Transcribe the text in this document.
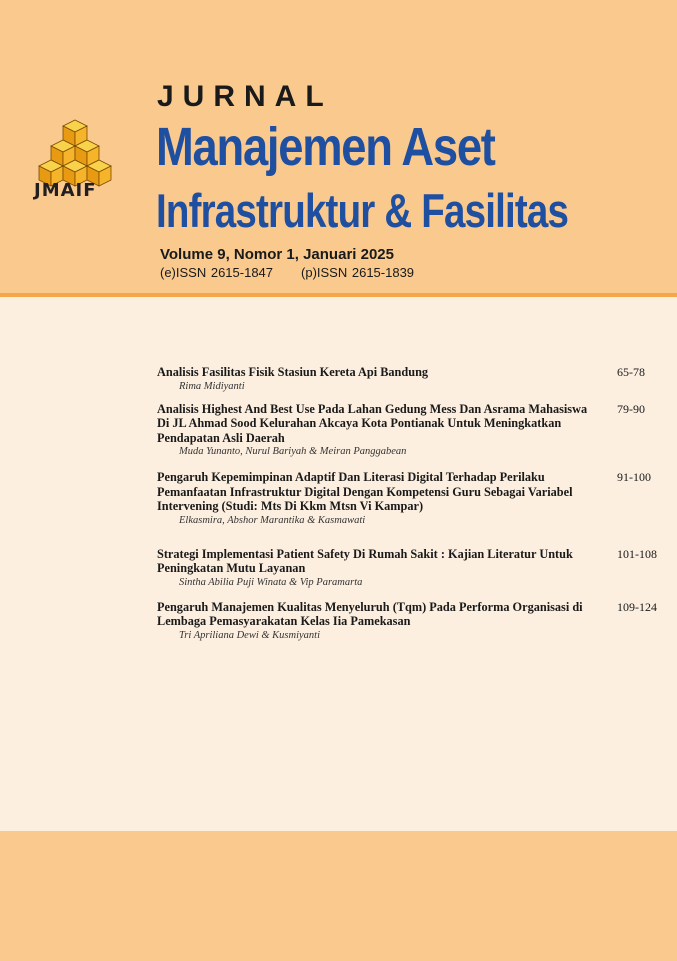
JMAIF
JURNAL
Manajemen Aset
Infrastruktur & Fasilitas
Volume 9, Nomor 1, Januari 2025
(e)ISSN 2615-1847 (p)ISSN 2615-1839
Analisis Fasilitas Fisik Stasiun Kereta Api Bandung
Rima Midiyanti
65-78
Analisis Highest And Best Use Pada Lahan Gedung Mess Dan Asrama Mahasiswa Di JL Ahmad Sood Kelurahan Akcaya Kota Pontianak Untuk Meningkatkan Pendapatan Asli Daerah
Muda Yunanto, Nurul Bariyah & Meiran Panggabean
79-90
Pengaruh Kepemimpinan Adaptif Dan Literasi Digital Terhadap Perilaku Pemanfaatan Infrastruktur Digital Dengan Kompetensi Guru Sebagai Variabel Intervening (Studi: Mts Di Kkm Mtsn Vi Kampar)
Elkasmira, Abshor Marantika & Kasmawati
91-100
Strategi Implementasi Patient Safety Di Rumah Sakit : Kajian Literatur Untuk Peningkatan Mutu Layanan
Sintha Abilia Puji Winata & Vip Paramarta
101-108
Pengaruh Manajemen Kualitas Menyeluruh (Tqm) Pada Performa Organisasi di Lembaga Pemasyarakatan Kelas Iia Pamekasan
Tri Apriliana Dewi & Kusmiyanti
109-124
